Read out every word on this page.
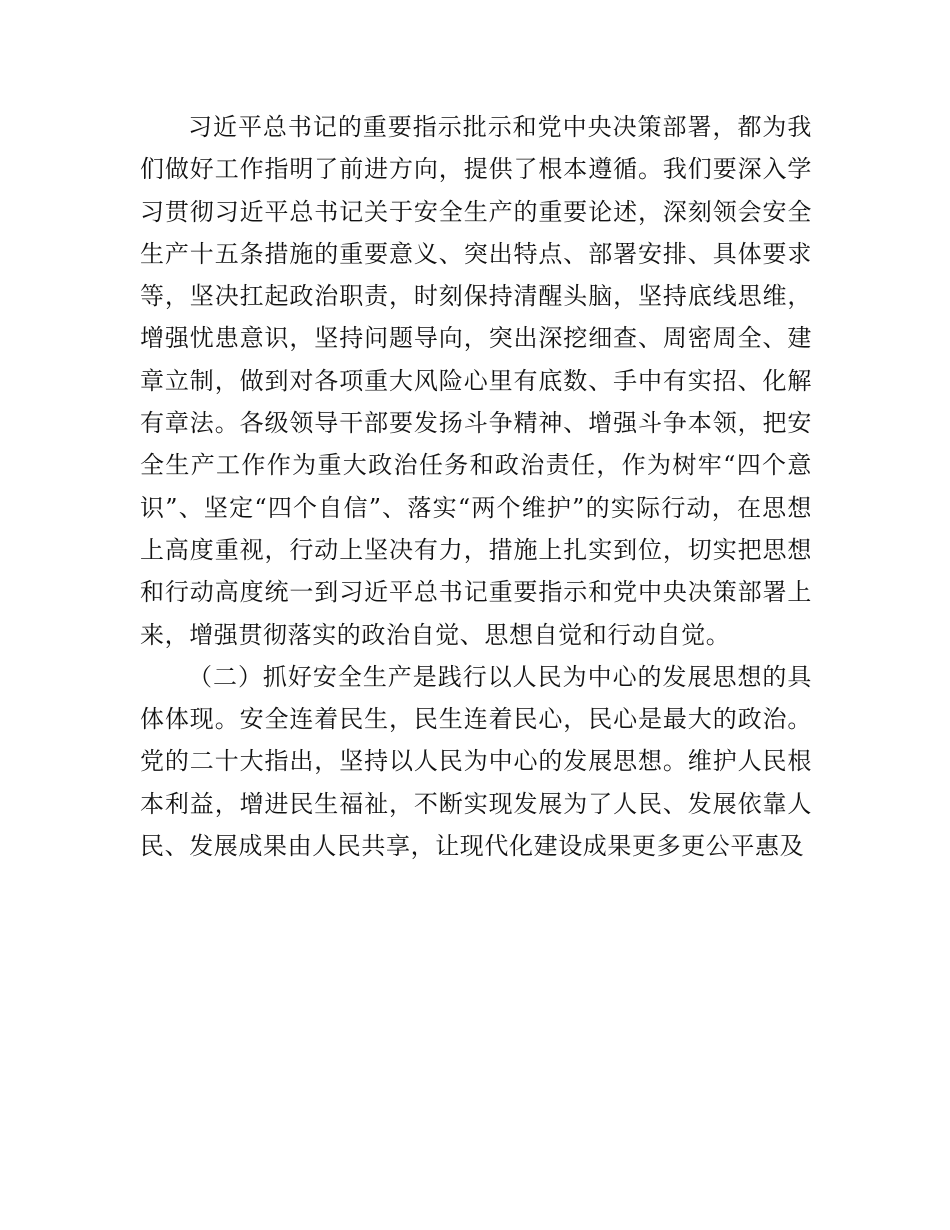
习近平总书记的重要指示批示和党中央决策部署，都为我们做好工作指明了前进方向，提供了根本遵循。我们要深入学习贯彻习近平总书记关于安全生产的重要论述，深刻领会安全生产十五条措施的重要意义、突出特点、部署安排、具体要求等，坚决扛起政治职责，时刻保持清醒头脑，坚持底线思维，增强忧患意识，坚持问题导向，突出深挖细查、周密周全、建章立制，做到对各项重大风险心里有底数、手中有实招、化解有章法。各级领导干部要发扬斗争精神、增强斗争本领，把安全生产工作作为重大政治任务和政治责任，作为树牢“四个意识”、坚定“四个自信”、落实“两个维护”的实际行动，在思想上高度重视，行动上坚决有力，措施上扎实到位，切实把思想和行动高度统一到习近平总书记重要指示和党中央决策部署上来，增强贯彻落实的政治自觉、思想自觉和行动自觉。

（二）抓好安全生产是践行以人民为中心的发展思想的具体体现。安全连着民生，民生连着民心，民心是最大的政治。党的二十大指出，坚持以人民为中心的发展思想。维护人民根本利益，增进民生福祉，不断实现发展为了人民、发展依靠人民、发展成果由人民共享，让现代化建设成果更多更公平惠及
